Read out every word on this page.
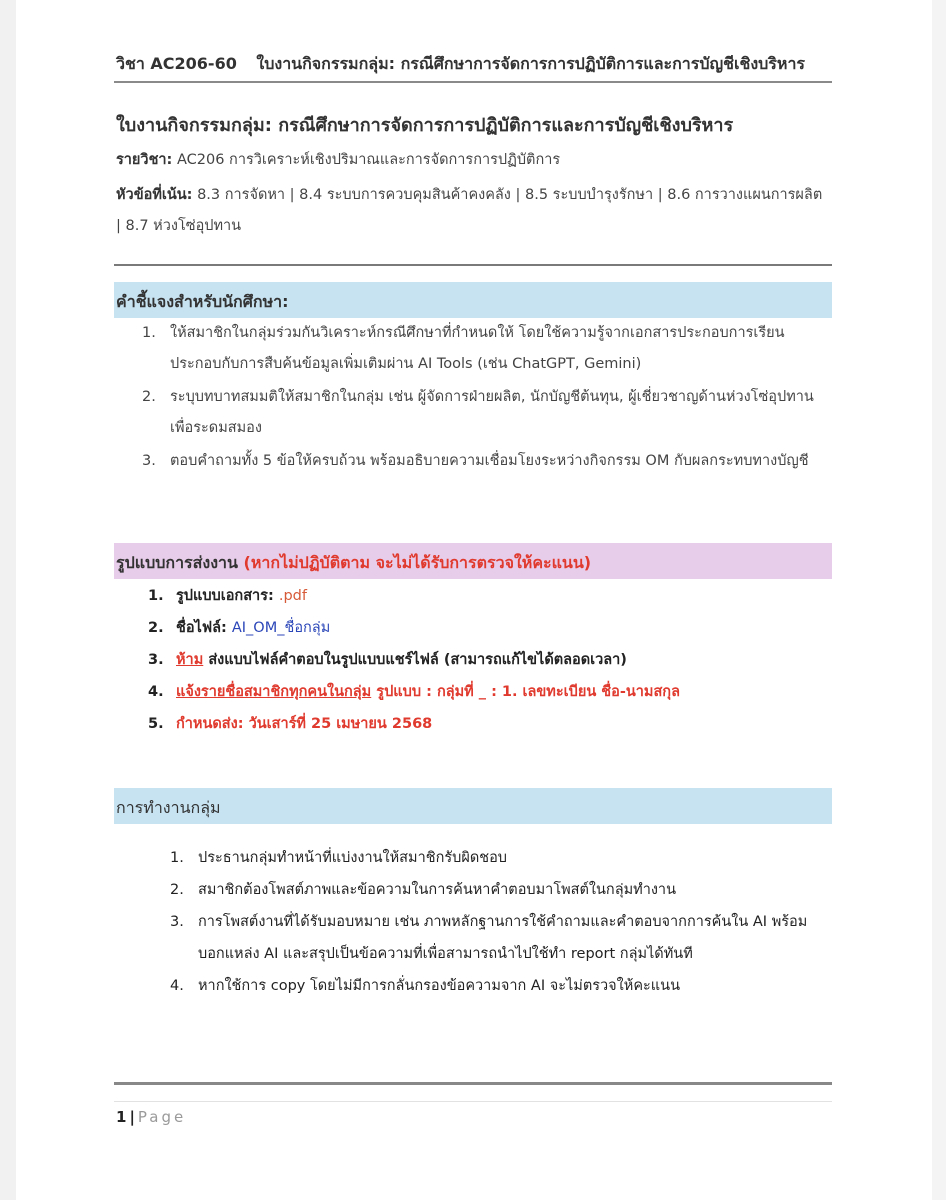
วิชา AC206-60 ใบงานกิจกรรมกลุ่ม: กรณีศึกษาการจัดการการปฏิบัติการและการบัญชีเชิงบริหาร
ใบงานกิจกรรมกลุ่ม: กรณีศึกษาการจัดการการปฏิบัติการและการบัญชีเชิงบริหาร
รายวิชา: AC206 การวิเคราะห์เชิงปริมาณและการจัดการการปฏิบัติการ
หัวข้อที่เน้น: 8.3 การจัดหา | 8.4 ระบบการควบคุมสินค้าคงคลัง | 8.5 ระบบบำรุงรักษา | 8.6 การวางแผนการผลิต | 8.7 ห่วงโซ่อุปทาน
คำชี้แจงสำหรับนักศึกษา:
1. ให้สมาชิกในกลุ่มร่วมกันวิเคราะห์กรณีศึกษาที่กำหนดให้ โดยใช้ความรู้จากเอกสารประกอบการเรียนประกอบกับการสืบค้นข้อมูลเพิ่มเติมผ่าน AI Tools (เช่น ChatGPT, Gemini)
2. ระบุบทบาทสมมติให้สมาชิกในกลุ่ม เช่น ผู้จัดการฝ่ายผลิต, นักบัญชีต้นทุน, ผู้เชี่ยวชาญด้านห่วงโซ่อุปทาน เพื่อระดมสมอง
3. ตอบคำถามทั้ง 5 ข้อให้ครบถ้วน พร้อมอธิบายความเชื่อมโยงระหว่างกิจกรรม OM กับผลกระทบทางบัญชี
รูปแบบการส่งงาน (หากไม่ปฏิบัติตาม จะไม่ได้รับการตรวจให้คะแนน)
1. รูปแบบเอกสาร: .pdf
2. ชื่อไฟล์: AI_OM_ชื่อกลุ่ม
3. ห้าม ส่งแบบไฟล์คำตอบในรูปแบบแชร์ไฟล์ (สามารถแก้ไขได้ตลอดเวลา)
4. แจ้งรายชื่อสมาชิกทุกคนในกลุ่ม รูปแบบ : กลุ่มที่ _ : 1. เลขทะเบียน ชื่อ-นามสกุล
5. กำหนดส่ง: วันเสาร์ที่ 25 เมษายน 2568
การทำงานกลุ่ม
1. ประธานกลุ่มทำหน้าที่แบ่งงานให้สมาชิกรับผิดชอบ
2. สมาชิกต้องโพสต์ภาพและข้อความในการค้นหาคำตอบมาโพสต์ในกลุ่มทำงาน
3. การโพสต์งานที่ได้รับมอบหมาย เช่น ภาพหลักฐานการใช้คำถามและคำตอบจากการค้นใน AI พร้อมบอกแหล่ง AI และสรุปเป็นข้อความที่เพื่อสามารถนำไปใช้ทำ report กลุ่มได้ทันที
4. หากใช้การ copy โดยไม่มีการกลั่นกรองข้อความจาก AI จะไม่ตรวจให้คะแนน
1 | Page
